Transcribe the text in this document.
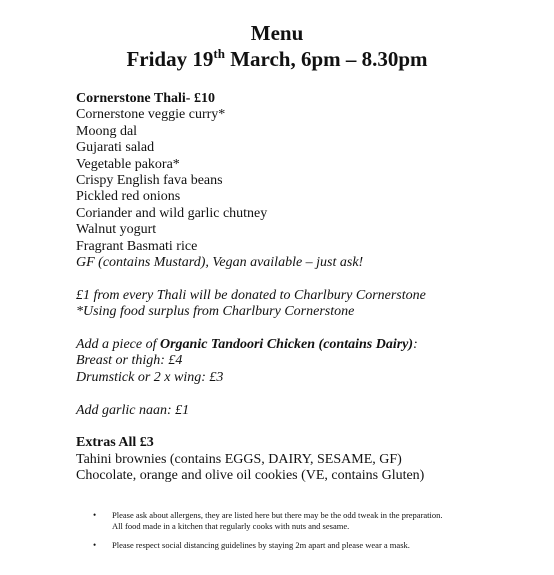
Menu
Friday 19th March, 6pm – 8.30pm
Cornerstone Thali- £10
Cornerstone veggie curry*
Moong dal
Gujarati salad
Vegetable pakora*
Crispy English fava beans
Pickled red onions
Coriander and wild garlic chutney
Walnut yogurt
Fragrant Basmati rice
GF (contains Mustard), Vegan available – just ask!
£1 from every Thali will be donated to Charlbury Cornerstone
*Using food surplus from Charlbury Cornerstone
Add a piece of Organic Tandoori Chicken (contains Dairy):
Breast or thigh: £4
Drumstick or 2 x wing: £3
Add garlic naan: £1
Extras All £3
Tahini brownies (contains EGGS, DAIRY, SESAME, GF)
Chocolate, orange and olive oil cookies (VE, contains Gluten)
• Please ask about allergens, they are listed here but there may be the odd tweak in the preparation.
All food made in a kitchen that regularly cooks with nuts and sesame.
• Please respect social distancing guidelines by staying 2m apart and please wear a mask.
